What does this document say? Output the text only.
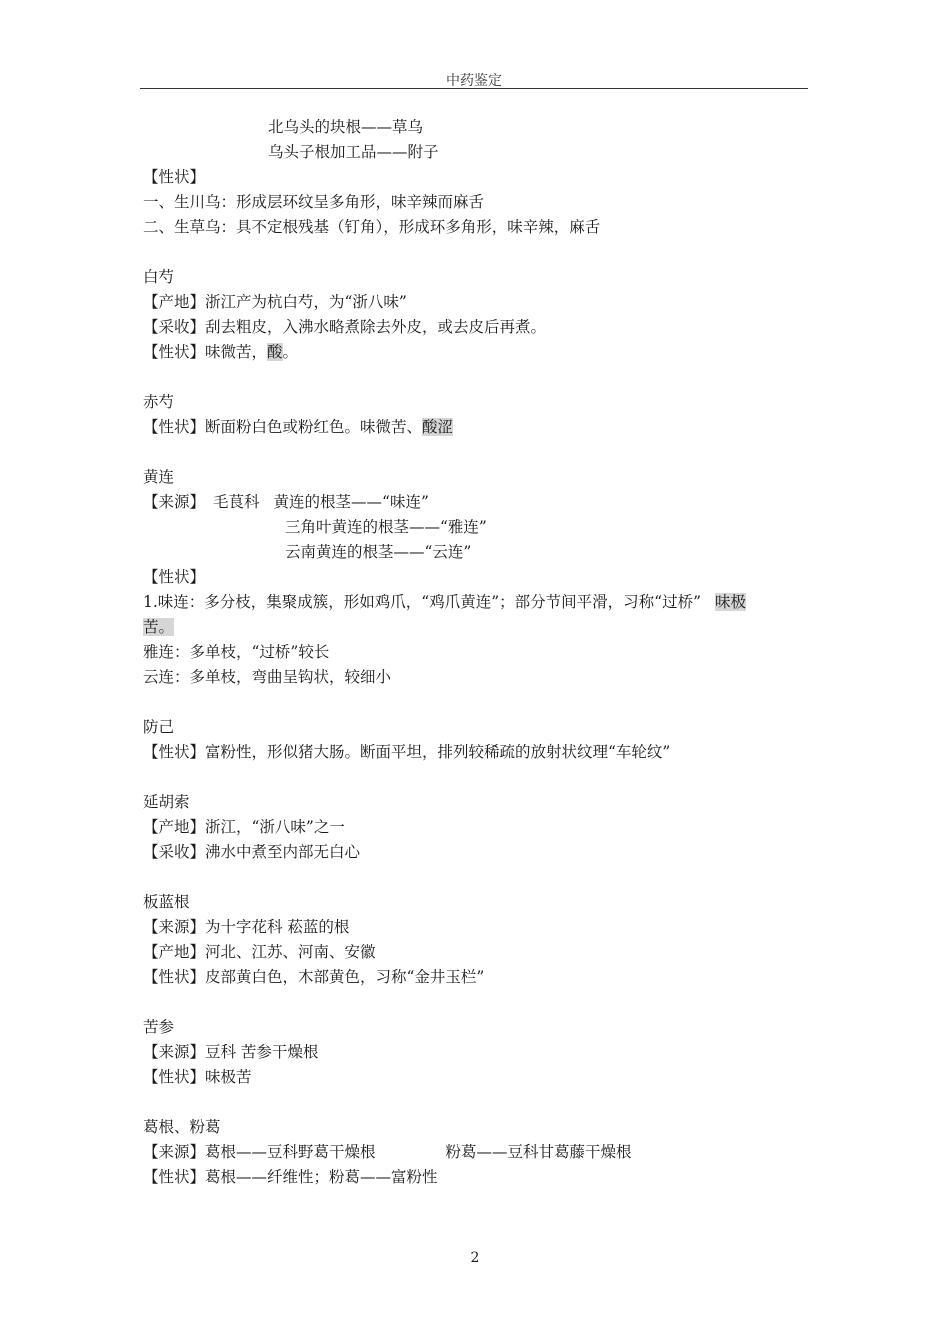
中药鉴定
北乌头的块根——草乌
乌头子根加工品——附子
【性状】
一、生川乌：形成层环纹呈多角形，味辛辣而麻舌
二、生草乌：具不定根残基（钉角），形成环多角形，味辛辣，麻舌
白芍
【产地】浙江产为杭白芍，为“浙八味”
【采收】刮去粗皮，入沸水略煮除去外皮，或去皮后再煮。
【性状】味微苦，酸。
赤芍
【性状】断面粉白色或粉红色。味微苦、酸涩
黄连
【来源】 毛茛科 黄连的根茎——“味连”
三角叶黄连的根茎——“雅连”
云南黄连的根茎——“云连”
【性状】
1.味连：多分枝，集聚成簇，形如鸡爪，“鸡爪黄连”；部分节间平滑，习称“过桥” 味极
苦。
雅连：多单枝，“过桥”较长
云连：多单枝，弯曲呈钩状，较细小
防己
【性状】富粉性，形似猪大肠。断面平坦，排列较稀疏的放射状纹理“车轮纹”
延胡索
【产地】浙江，“浙八味”之一
【采收】沸水中煮至内部无白心
板蓝根
【来源】为十字花科 菘蓝的根
【产地】河北、江苏、河南、安徽
【性状】皮部黄白色，木部黄色，习称“金井玉栏”
苦参
【来源】豆科 苦参干燥根
【性状】味极苦
葛根、粉葛
【来源】葛根——豆科野葛干燥根	粉葛——豆科甘葛藤干燥根
【性状】葛根——纤维性；粉葛——富粉性
2
